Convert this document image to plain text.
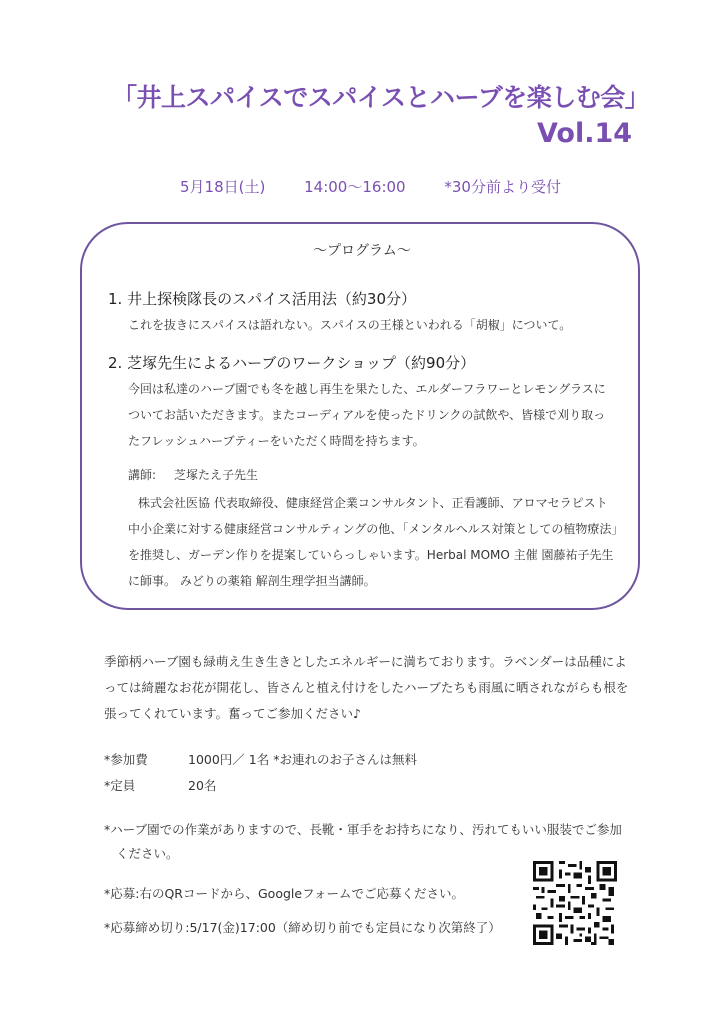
「井上スパイスでスパイスとハーブを楽しむ会」
Vol.14
5月18日(土)	14:00～16:00	*30分前より受付
～プログラム～
1. 井上探検隊長のスパイス活用法（約30分）
これを抜きにスパイスは語れない。スパイスの王様といわれる「胡椒」について。
2. 芝塚先生によるハーブのワークショップ（約90分）
今回は私達のハーブ園でも冬を越し再生を果たした、エルダーフラワーとレモングラスに
ついてお話いただきます。またコーディアルを使ったドリンクの試飲や、皆様で刈り取っ
たフレッシュハーブティーをいただく時間を持ちます。
講師: 芝塚たえ子先生
株式会社医協 代表取締役、健康経営企業コンサルタント、正看護師、アロマセラピスト
中小企業に対する健康経営コンサルティングの他、「メンタルヘルス対策としての植物療法」
を推奨し、ガーデン作りを提案していらっしゃいます。Herbal MOMO 主催 園藤祐子先生
に師事。 みどりの薬箱 解剖生理学担当講師。
季節柄ハーブ園も緑萌え生き生きとしたエネルギーに満ちております。ラベンダーは品種によ
っては綺麗なお花が開花し、皆さんと植え付けをしたハーブたちも雨風に晒されながらも根を
張ってくれています。奮ってご参加ください♪
*参加費	1000円／ 1名 *お連れのお子さんは無料
*定員	20名
*ハーブ園での作業がありますので、長靴・軍手をお持ちになり、汚れてもいい服装でご参加
ください。
*応募:右のQRコードから、Googleフォームでご応募ください。
*応募締め切り:5/17(金)17:00（締め切り前でも定員になり次第終了）
